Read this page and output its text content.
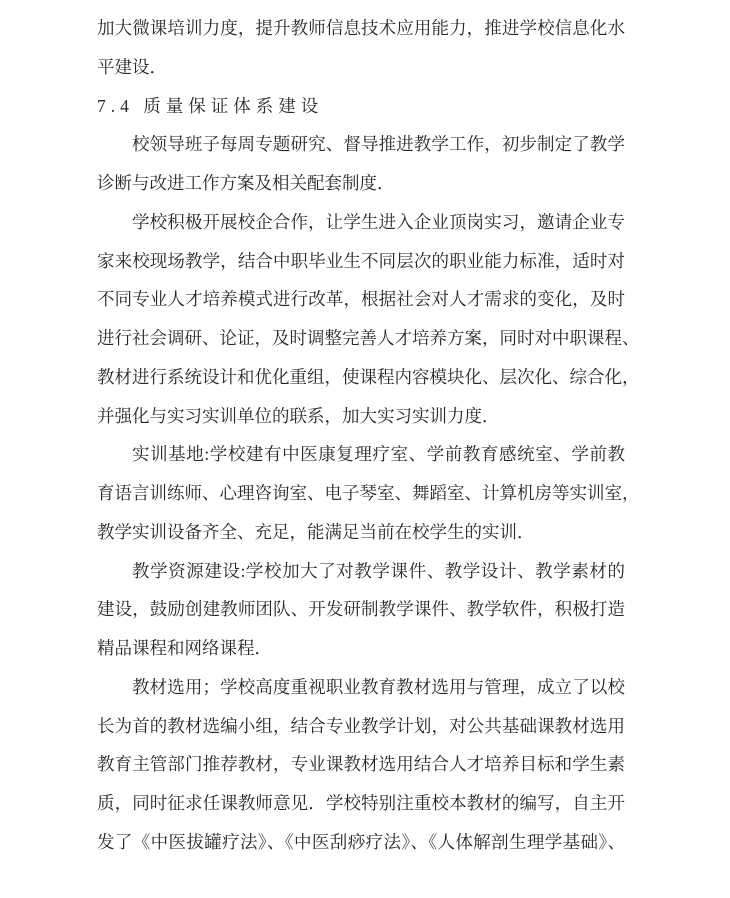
加大微课培训力度，提升教师信息技术应用能力，推进学校信息化水
平建设．
7.4 质量保证体系建设
校领导班子每周专题研究、督导推进教学工作，初步制定了教学
诊断与改进工作方案及相关配套制度．
学校积极开展校企合作，让学生进入企业顶岗实习，邀请企业专
家来校现场教学，结合中职毕业生不同层次的职业能力标准，适时对
不同专业人才培养模式进行改革，根据社会对人才需求的变化，及时
进行社会调研、论证，及时调整完善人才培养方案，同时对中职课程、
教材进行系统设计和优化重组，使课程内容模块化、层次化、综合化，
并强化与实习实训单位的联系，加大实习实训力度．
实训基地:学校建有中医康复理疗室、学前教育感统室、学前教
育语言训练师、心理咨询室、电子琴室、舞蹈室、计算机房等实训室，
教学实训设备齐全、充足，能满足当前在校学生的实训．
教学资源建设:学校加大了对教学课件、教学设计、教学素材的
建设，鼓励创建教师团队、开发研制教学课件、教学软件，积极打造
精品课程和网络课程．
教材选用；学校高度重视职业教育教材选用与管理，成立了以校
长为首的教材选编小组，结合专业教学计划，对公共基础课教材选用
教育主管部门推荐教材，专业课教材选用结合人才培养目标和学生素
质，同时征求任课教师意见．学校特别注重校本教材的编写，自主开
发了《中医拔罐疗法》、《中医刮痧疗法》、《人体解剖生理学基础》、
